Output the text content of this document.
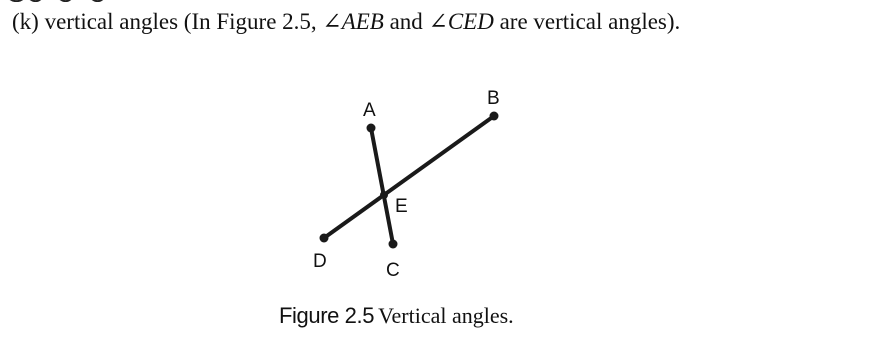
(k) vertical angles (In Figure 2.5, ∠AEB and ∠CED are vertical angles).
A
B
C
D
E
Figure 2.5 Vertical angles.
